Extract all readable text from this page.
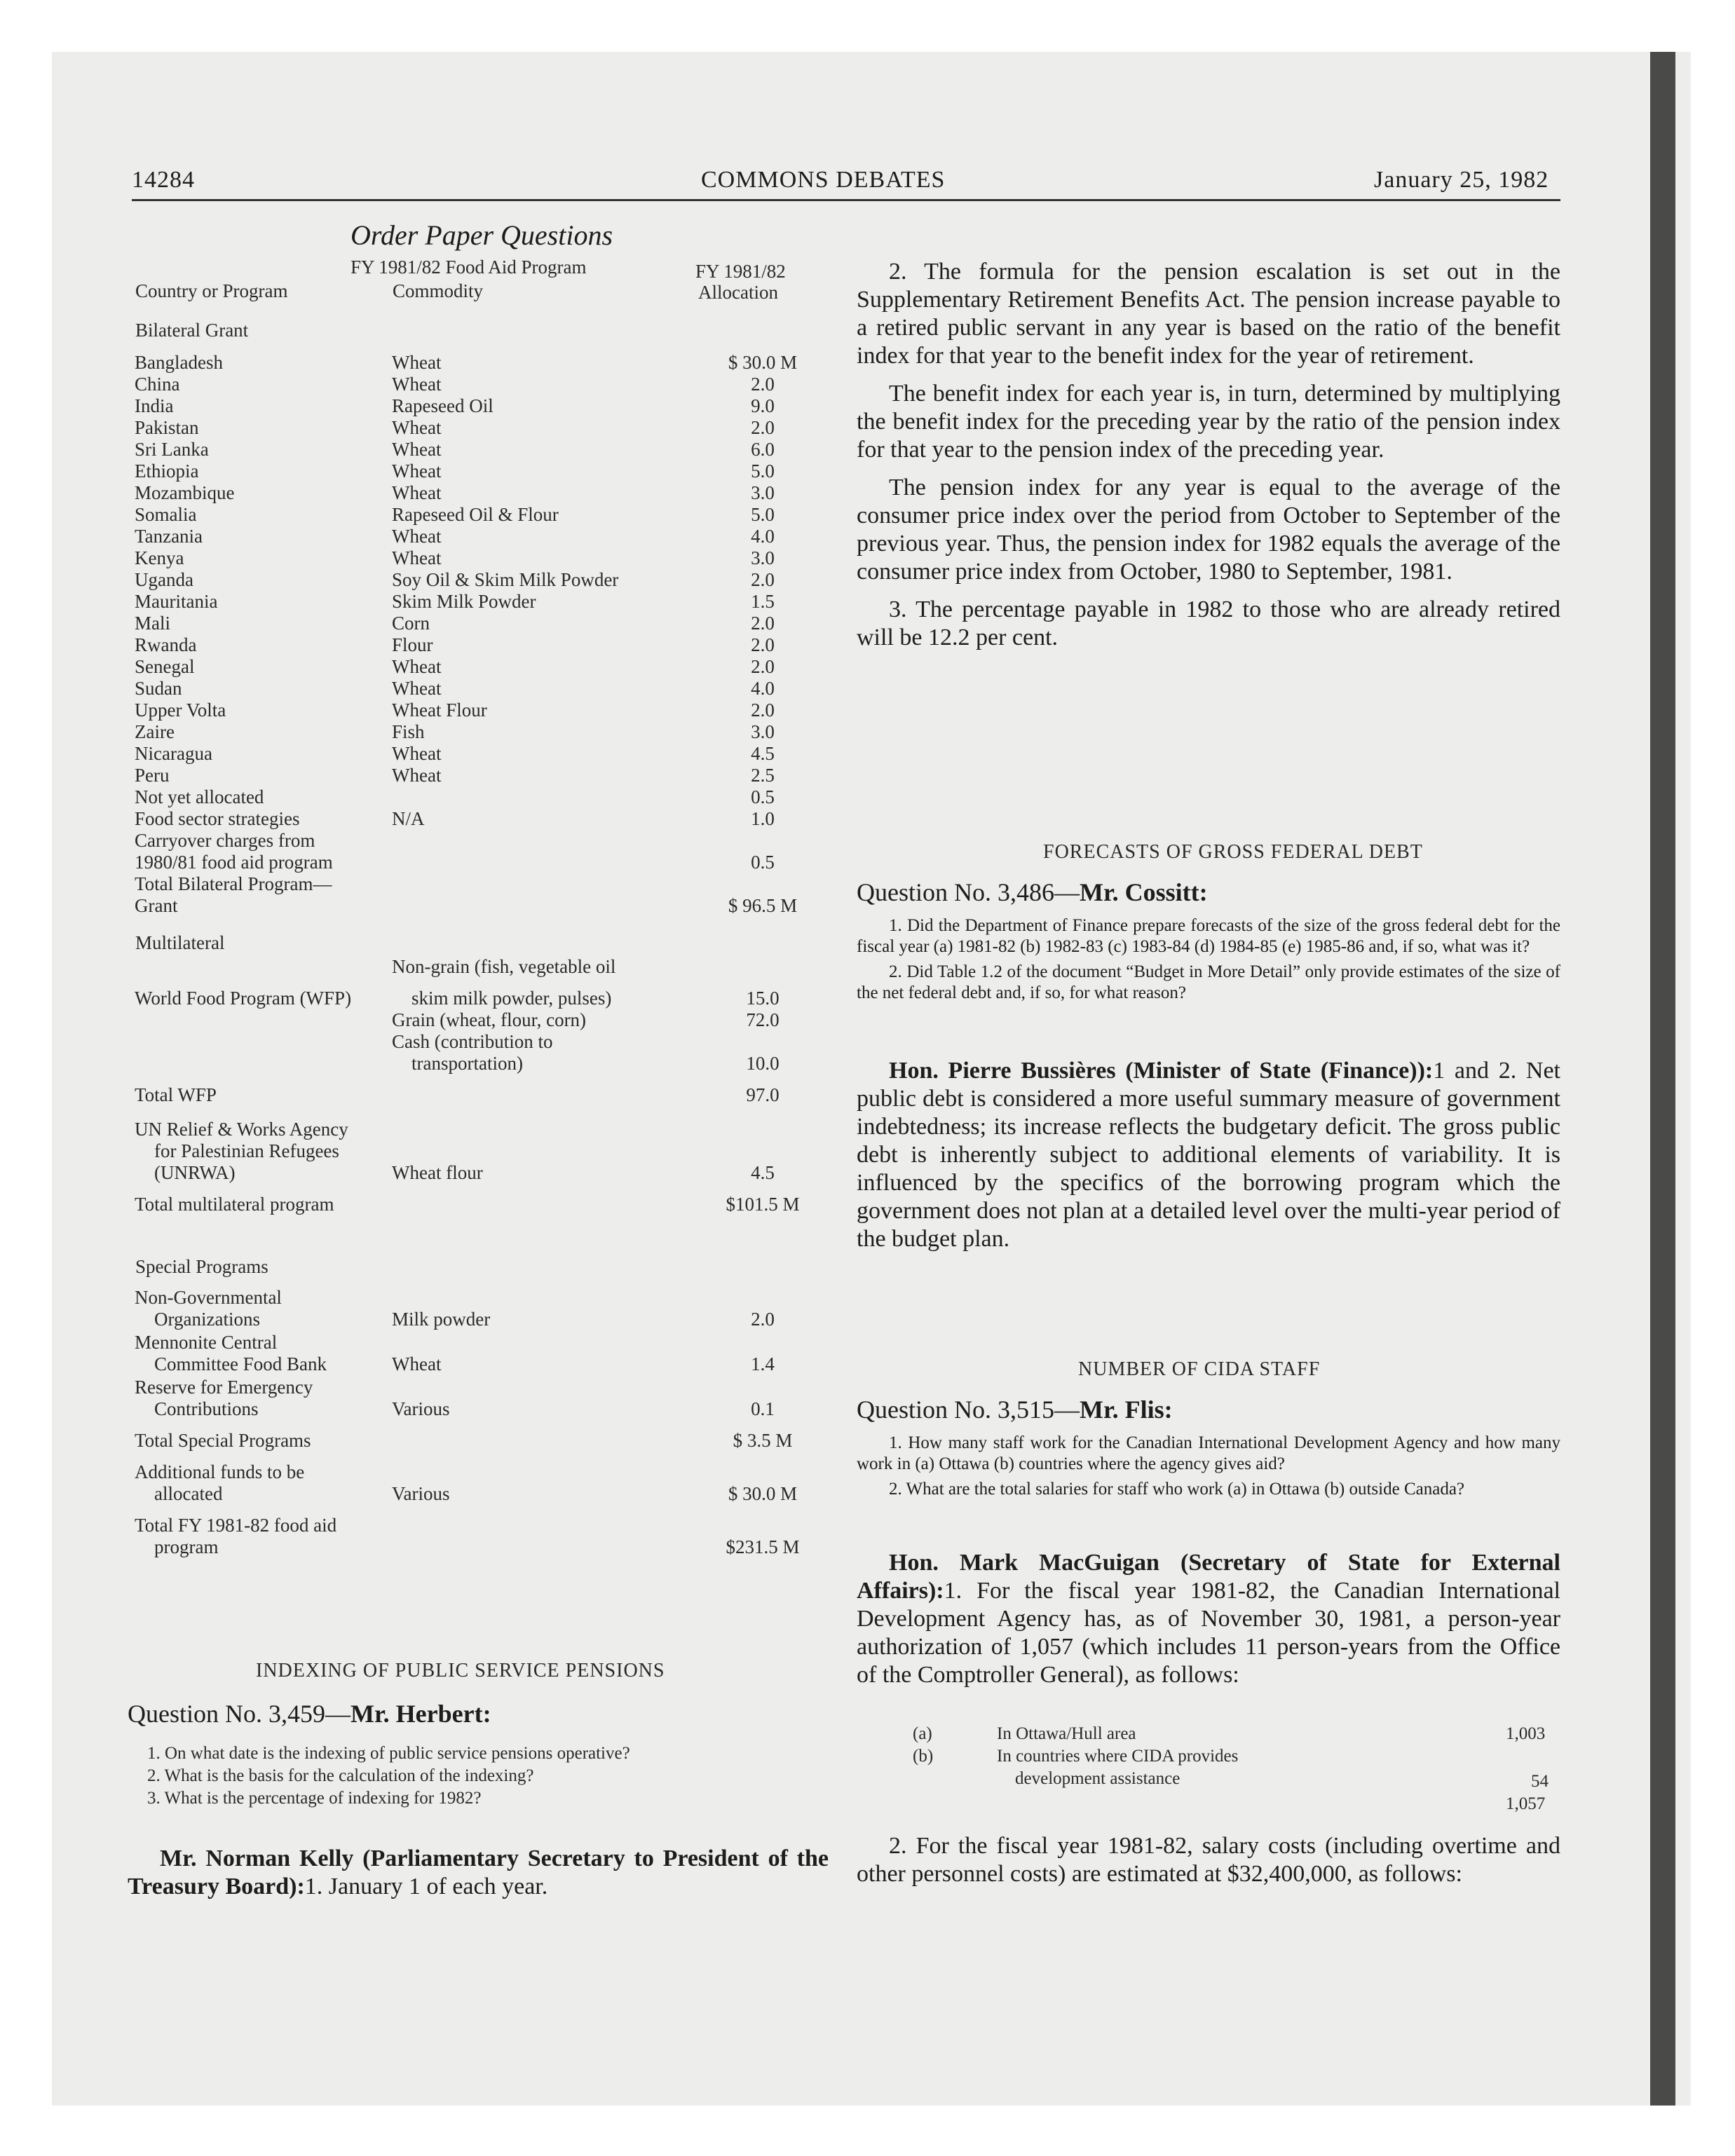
14284	COMMONS DEBATES	January 25, 1982
Order Paper Questions
FY 1981/82 Food Aid Program
Country or Program	Commodity
FY 1981/82
Allocation
Bilateral Grant
Bangladesh	Wheat	$ 30.0 M
China	Wheat	2.0
India	Rapeseed Oil	9.0
Pakistan	Wheat	2.0
Sri Lanka	Wheat	6.0
Ethiopia	Wheat	5.0
Mozambique	Wheat	3.0
Somalia	Rapeseed Oil & Flour	5.0
Tanzania	Wheat	4.0
Kenya	Wheat	3.0
Uganda	Soy Oil & Skim Milk Powder	2.0
Mauritania	Skim Milk Powder	1.5
Mali	Corn	2.0
Rwanda	Flour	2.0
Senegal	Wheat	2.0
Sudan	Wheat	4.0
Upper Volta	Wheat Flour	2.0
Zaire	Fish	3.0
Nicaragua	Wheat	4.5
Peru	Wheat	2.5
Not yet allocated	0.5
Food sector strategies	N/A	1.0
Carryover charges from
1980/81 food aid program	0.5
Total Bilateral Program—
Grant	$ 96.5 M
Multilateral
Non-grain (fish, vegetable oil
World Food Program (WFP)	skim milk powder, pulses)	15.0
Grain (wheat, flour, corn)	72.0
Cash (contribution to
transportation)	10.0
Total WFP	97.0
UN Relief & Works Agency
for Palestinian Refugees
(UNRWA)	Wheat flour	4.5
Total multilateral program	$101.5 M
Special Programs
Non-Governmental
Organizations	Milk powder	2.0
Mennonite Central
Committee Food Bank	Wheat	1.4
Reserve for Emergency
Contributions	Various	0.1
Total Special Programs	$ 3.5 M
Additional funds to be
allocated	Various	$ 30.0 M
Total FY 1981-82 food aid
program	$231.5 M
INDEXING OF PUBLIC SERVICE PENSIONS
Question No. 3,459—Mr. Herbert:
1. On what date is the indexing of public service pensions operative?
2. What is the basis for the calculation of the indexing?
3. What is the percentage of indexing for 1982?

Mr. Norman Kelly (Parliamentary Secretary to President of the Treasury Board):1. January 1 of each year.

2. The formula for the pension escalation is set out in the Supplementary Retirement Benefits Act. The pension increase payable to a retired public servant in any year is based on the ratio of the benefit index for that year to the benefit index for the year of retirement.

The benefit index for each year is, in turn, determined by multiplying the benefit index for the preceding year by the ratio of the pension index for that year to the pension index of the preceding year.

The pension index for any year is equal to the average of the consumer price index over the period from October to September of the previous year. Thus, the pension index for 1982 equals the average of the consumer price index from October, 1980 to September, 1981.

3. The percentage payable in 1982 to those who are already retired will be 12.2 per cent.

FORECASTS OF GROSS FEDERAL DEBT
Question No. 3,486—Mr. Cossitt:

1. Did the Department of Finance prepare forecasts of the size of the gross federal debt for the fiscal year (a) 1981-82 (b) 1982-83 (c) 1983-84 (d) 1984-85 (e) 1985-86 and, if so, what was it?

2. Did Table 1.2 of the document “Budget in More Detail” only provide estimates of the size of the net federal debt and, if so, for what reason?

Hon. Pierre Bussières (Minister of State (Finance)):1 and 2. Net public debt is considered a more useful summary measure of government indebtedness; its increase reflects the budgetary deficit. The gross public debt is inherently subject to additional elements of variability. It is influenced by the specifics of the borrowing program which the government does not plan at a detailed level over the multi-year period of the budget plan.

NUMBER OF CIDA STAFF
Question No. 3,515—Mr. Flis:

1. How many staff work for the Canadian International Development Agency and how many work in (a) Ottawa (b) countries where the agency gives aid?

2. What are the total salaries for staff who work (a) in Ottawa (b) outside Canada?

Hon. Mark MacGuigan (Secretary of State for External Affairs):1. For the fiscal year 1981-82, the Canadian International Development Agency has, as of November 30, 1981, a person-year authorization of 1,057 (which includes 11 person-years from the Office of the Comptroller General), as follows:

(a)	In Ottawa/Hull area	1,003
(b)	In countries where CIDA provides
development assistance	54
1,057

2. For the fiscal year 1981-82, salary costs (including overtime and other personnel costs) are estimated at $32,400,000, as follows:
